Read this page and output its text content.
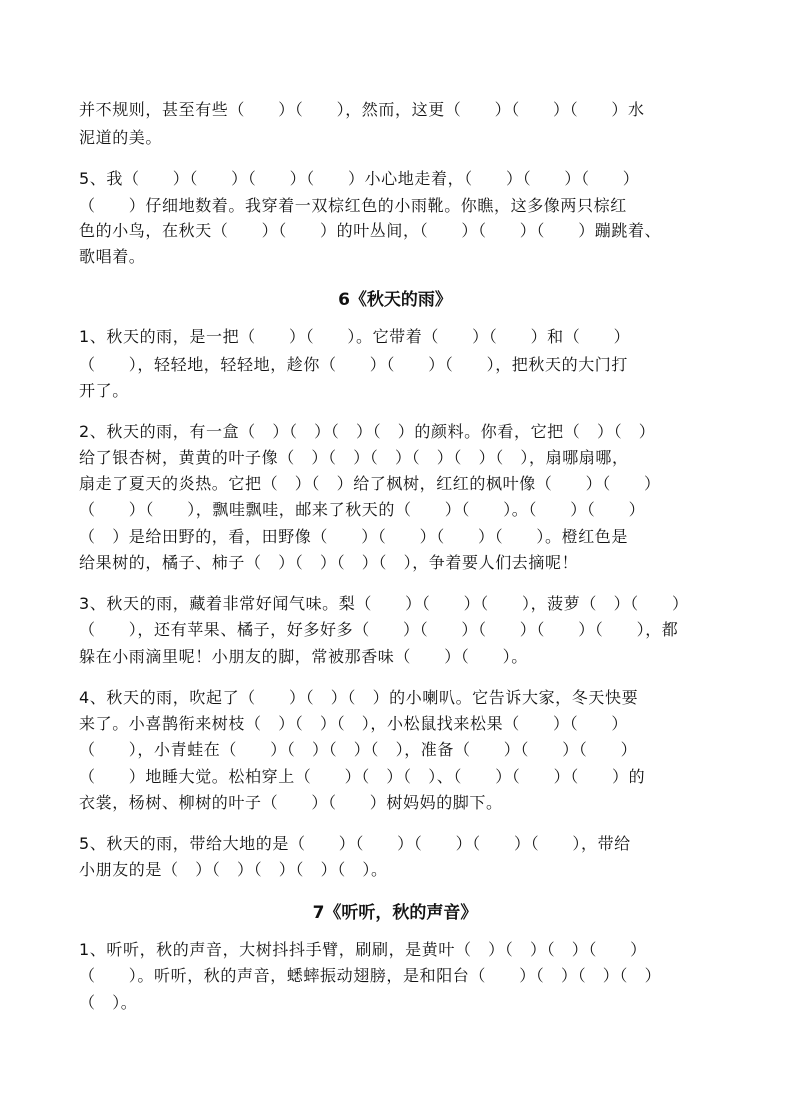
并不规则，甚至有些（　　）（　　），然而，这更（　　）（　　）（　　）水
泥道的美。
5、我（　　）（　　）（　　）（　　）小心地走着，（　　）（　　）（　　）
（　　）仔细地数着。我穿着一双棕红色的小雨靴。你瞧，这多像两只棕红
色的小鸟，在秋天（　　）（　　）的叶丛间，（　　）（　　）（　　）蹦跳着、
歌唱着。
6《秋天的雨》
1、秋天的雨，是一把（　　）（　　）。它带着（　　）（　　）和（　　）
（　　），轻轻地，轻轻地，趁你（　　）（　　）（　　），把秋天的大门打
开了。
2、秋天的雨，有一盒（　）（　）（　）（　）的颜料。你看，它把（　）（　）
给了银杏树，黄黄的叶子像（　）（　）（　）（　）（　）（　），扇哪扇哪，
扇走了夏天的炎热。它把（　）（　）给了枫树，红红的枫叶像（　　）（　　）
（　　）（　　），飘哇飘哇，邮来了秋天的（　　）（　　）。（　　）（　　）
（　）是给田野的，看，田野像（　　）（　　）（　　）（　　）。橙红色是
给果树的，橘子、柿子（　）（　）（　）（　），争着要人们去摘呢！
3、秋天的雨，藏着非常好闻气味。梨（　　）（　　）（　　），菠萝（　）（　　）
（　　），还有苹果、橘子，好多好多（　　）（　　）（　　）（　　）（　　），都
躲在小雨滴里呢！小朋友的脚，常被那香味（　　）（　　）。
4、秋天的雨，吹起了（　　）（　）（　）的小喇叭。它告诉大家，冬天快要
来了。小喜鹊衔来树枝（　）（　）（　），小松鼠找来松果（　　）（　　）
（　　），小青蛙在（　　）（　）（　）（　），准备（　　）（　　）（　　）
（　　）地睡大觉。松柏穿上（　　）（　）（　）、（　　）（　　）（　　）的
衣裳，杨树、柳树的叶子（　　）（　　）树妈妈的脚下。
5、秋天的雨，带给大地的是（　　）（　　）（　　）（　　）（　　），带给
小朋友的是（　）（　）（　）（　）（　）。
7《听听，秋的声音》
1、听听，秋的声音，大树抖抖手臂，刷刷，是黄叶（　）（　）（　）（　　）
（　　）。听听，秋的声音，蟋蟀振动翅膀，是和阳台（　　）（　）（　）（　）
（　）。
